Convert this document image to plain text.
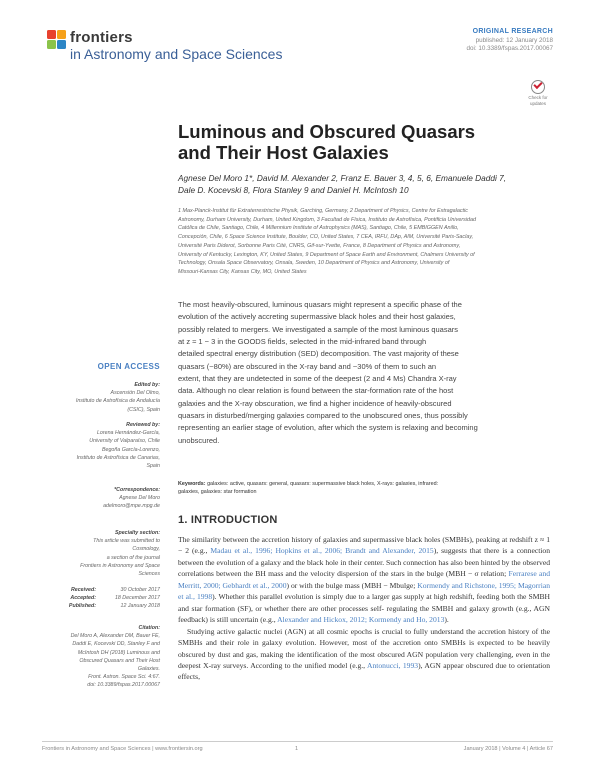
frontiers
in Astronomy and Space Sciences
ORIGINAL RESEARCH
published: 12 January 2018
doi: 10.3389/fspas.2017.00067
Check for
updates
Luminous and Obscured Quasars
and Their Host Galaxies
Agnese Del Moro 1*, David M. Alexander 2, Franz E. Bauer 3, 4, 5, 6, Emanuele Daddi 7,
Dale D. Kocevski 8, Flora Stanley 9 and Daniel H. McIntosh 10
1 Max-Planck-Institut für Extraterrestrische Physik, Garching, Germany, 2 Department of Physics, Centre for Extragalactic
Astronomy, Durham University, Durham, United Kingdom, 3 Facultad de Física, Instituto de Astrofísica, Pontificia Universidad
Católica de Chile, Santiago, Chile, 4 Millennium Institute of Astrophysics (MAS), Santiago, Chile, 5 EMBIGGEN Anillo,
Concepción, Chile, 6 Space Science Institute, Boulder, CO, United States, 7 CEA, IRFU, DAp, AIM, Université Paris-Saclay,
Université Paris Diderot, Sorbonne Paris Cité, CNRS, Gif-sur-Yvette, France, 8 Department of Physics and Astronomy,
University of Kentucky, Lexington, KY, United States, 9 Department of Space Earth and Environment, Chalmers University of
Technology, Onsala Space Observatory, Onsala, Sweden, 10 Department of Physics and Astronomy, University of
Missouri-Kansas City, Kansas City, MO, United States
The most heavily-obscured, luminous quasars might represent a specific phase of the
evolution of the actively accreting supermassive black holes and their host galaxies,
possibly related to mergers. We investigated a sample of the most luminous quasars
at z ≈ 1 − 3 in the GOODS fields, selected in the mid-infrared band through
detailed spectral energy distribution (SED) decomposition. The vast majority of these
quasars (~80%) are obscured in the X-ray band and ~30% of them to such an
extent, that they are undetected in some of the deepest (2 and 4 Ms) Chandra X-ray
data. Although no clear relation is found between the star-formation rate of the host
galaxies and the X-ray obscuration, we find a higher incidence of heavily-obscured
quasars in disturbed/merging galaxies compared to the unobscured ones, thus possibly
representing an earlier stage of evolution, after which the system is relaxing and becoming
unobscured.
Keywords: galaxies: active, quasars: general, quasars: supermassive black holes, X-rays: galaxies, infrared:
galaxies, galaxies: star formation
OPEN ACCESS
Edited by:
Ascensión Del Olmo,
Instituto de Astrofísica de Andalucía
(CSIC), Spain
Reviewed by:
Lorena Hernández-García,
University of Valparaíso, Chile
Begoña García-Lorenzo,
Instituto de Astrofísica de Canarias,
Spain
*Correspondence:
Agnese Del Moro
adelmoro@mpe.mpg.de
Specialty section:
This article was submitted to
Cosmology,
a section of the journal
Frontiers in Astronomy and Space
Sciences
Received:	30 October 2017
Accepted:	18 December 2017
Published:	12 January 2018
Citation:
Del Moro A, Alexander DM, Bauer FE,
Daddi E, Kocevski DD, Stanley F and
McIntosh DH (2018) Luminous and
Obscured Quasars and Their Host
Galaxies.
Front. Astron. Space Sci. 4:67.
doi: 10.3389/fspas.2017.00067
1. INTRODUCTION

The similarity between the accretion history of galaxies and supermassive black holes (SMBHs), peaking at redshift z ≈ 1 − 2 (e.g., Madau et al., 1996; Hopkins et al., 2006; Brandt and Alexander, 2015), suggests that there is a connection between the evolution of a galaxy and the black hole in their center. Such connection has also been hinted by the observed correlations between the BH mass and the velocity dispersion of the stars in the bulge (MBH − σ relation; Ferrarese and Merritt, 2000; Gebhardt et al., 2000) or with the bulge mass (MBH − Mbulge; Kormendy and Richstone, 1995; Magorrian et al., 1998). Whether this parallel evolution is simply due to a larger gas supply at high redshift, feeding both the SMBH and star formation (SF), or whether there are other processes self- regulating the SMBH and galaxy growth (e.g., AGN feedback) is still uncertain (e.g., Alexander and Hickox, 2012; Kormendy and Ho, 2013).

Studying active galactic nuclei (AGN) at all cosmic epochs is crucial to fully understand the accretion history of the SMBHs and their role in galaxy evolution. However, most of the accretion onto SMBHs is expected to be heavily obscured by dust and gas, making the identification of the most obscured AGN population very challenging, even in the deepest X-ray surveys. According to the unified model (e.g., Antonucci, 1993), AGN appear obscured due to orientation effects,

Frontiers in Astronomy and Space Sciences | www.frontiersin.org	1	January 2018 | Volume 4 | Article 67
